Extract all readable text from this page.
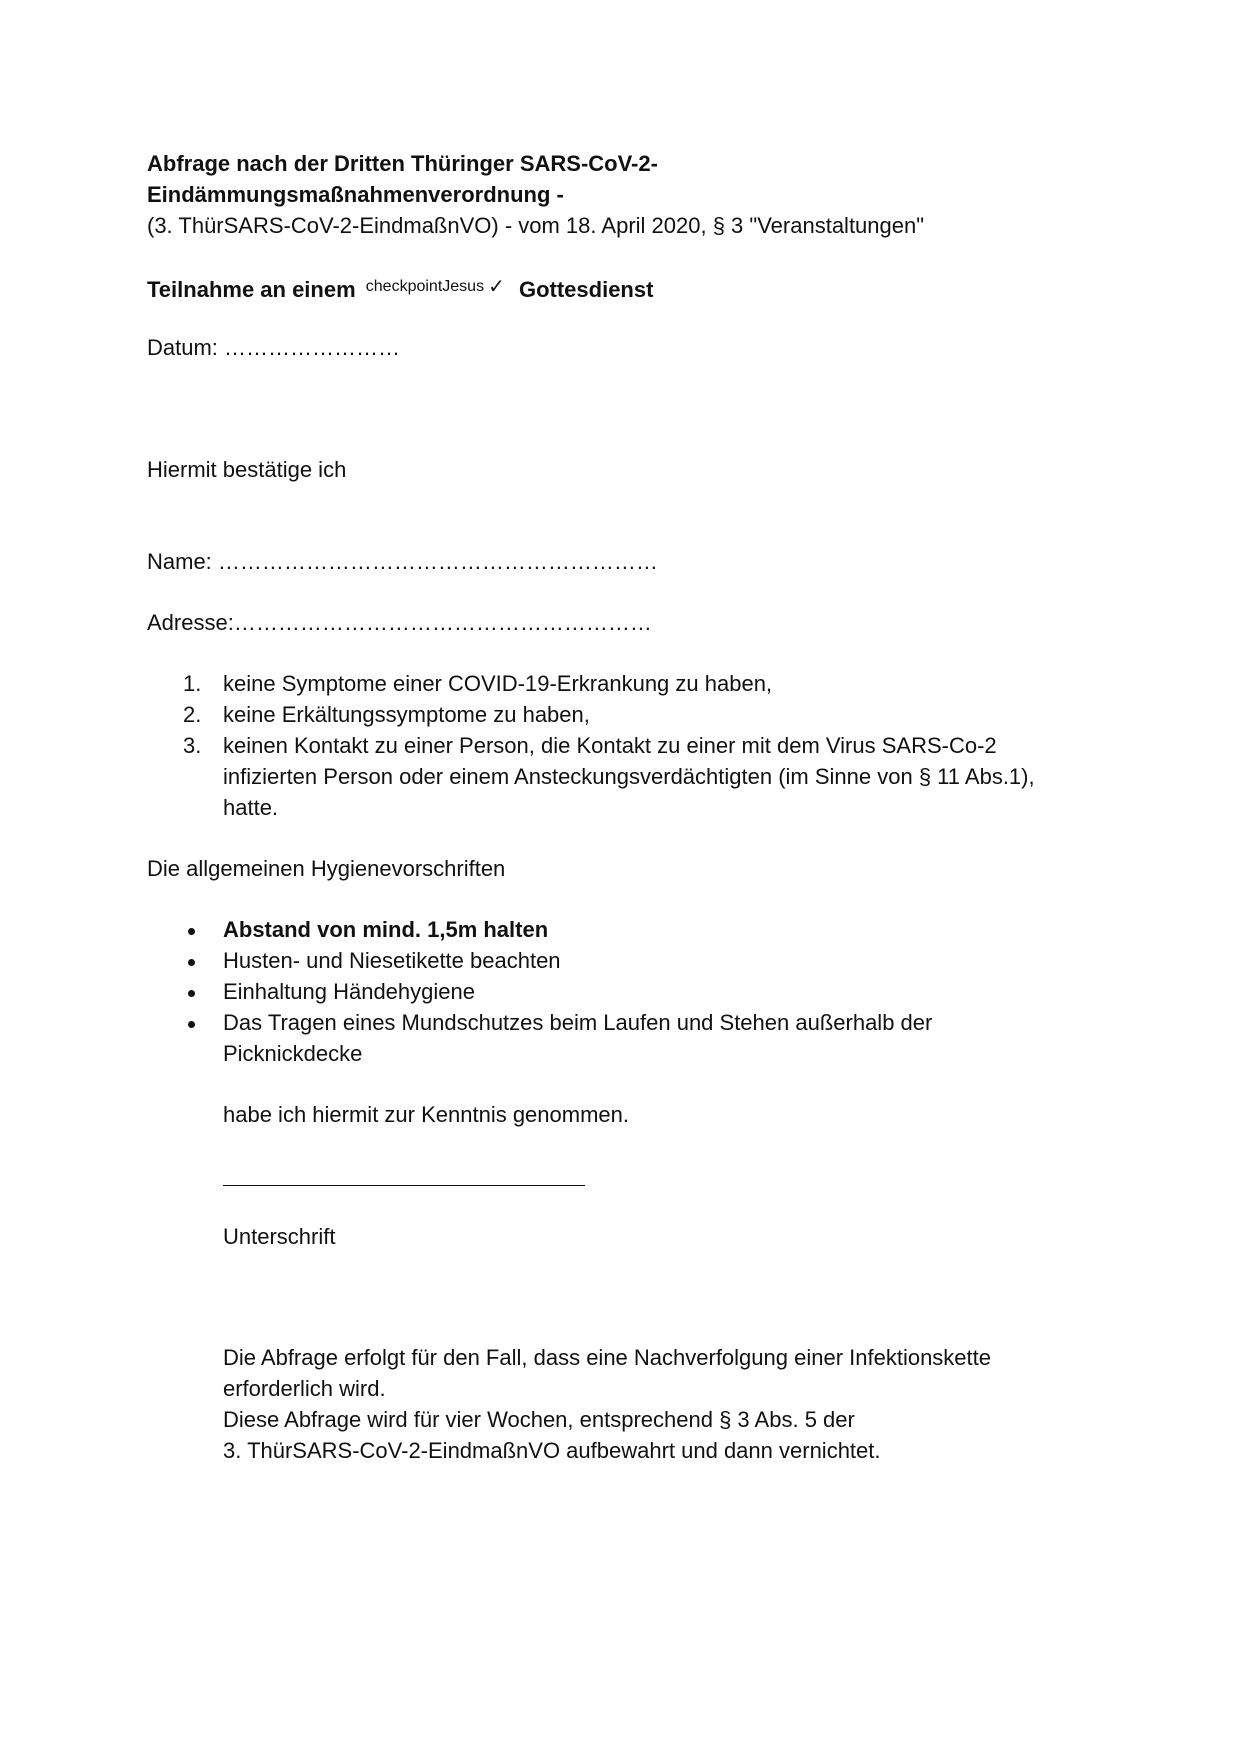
Abfrage nach der Dritten Thüringer SARS-CoV-2-
Eindämmungsmaßnahmenverordnung -
(3. ThürSARS-CoV-2-EindmaßnVO) - vom 18. April 2020, § 3 "Veranstaltungen"
Teilnahme an einem checkpointJesus ✓ Gottesdienst
Datum: ……………………
Hiermit bestätige ich
Name: ……………………………………………………
Adresse:…………………………………………………
1. keine Symptome einer COVID-19-Erkrankung zu haben,
2. keine Erkältungssymptome zu haben,
3. keinen Kontakt zu einer Person, die Kontakt zu einer mit dem Virus SARS-Co-2
infizierten Person oder einem Ansteckungsverdächtigten (im Sinne von § 11 Abs.1),
hatte.
Die allgemeinen Hygienevorschriften
Abstand von mind. 1,5m halten
Husten- und Niesetikette beachten
Einhaltung Händehygiene
Das Tragen eines Mundschutzes beim Laufen und Stehen außerhalb der
Picknickdecke
habe ich hiermit zur Kenntnis genommen.
Unterschrift
Die Abfrage erfolgt für den Fall, dass eine Nachverfolgung einer Infektionskette
erforderlich wird.
Diese Abfrage wird für vier Wochen, entsprechend § 3 Abs. 5 der
3. ThürSARS-CoV-2-EindmaßnVO aufbewahrt und dann vernichtet.
